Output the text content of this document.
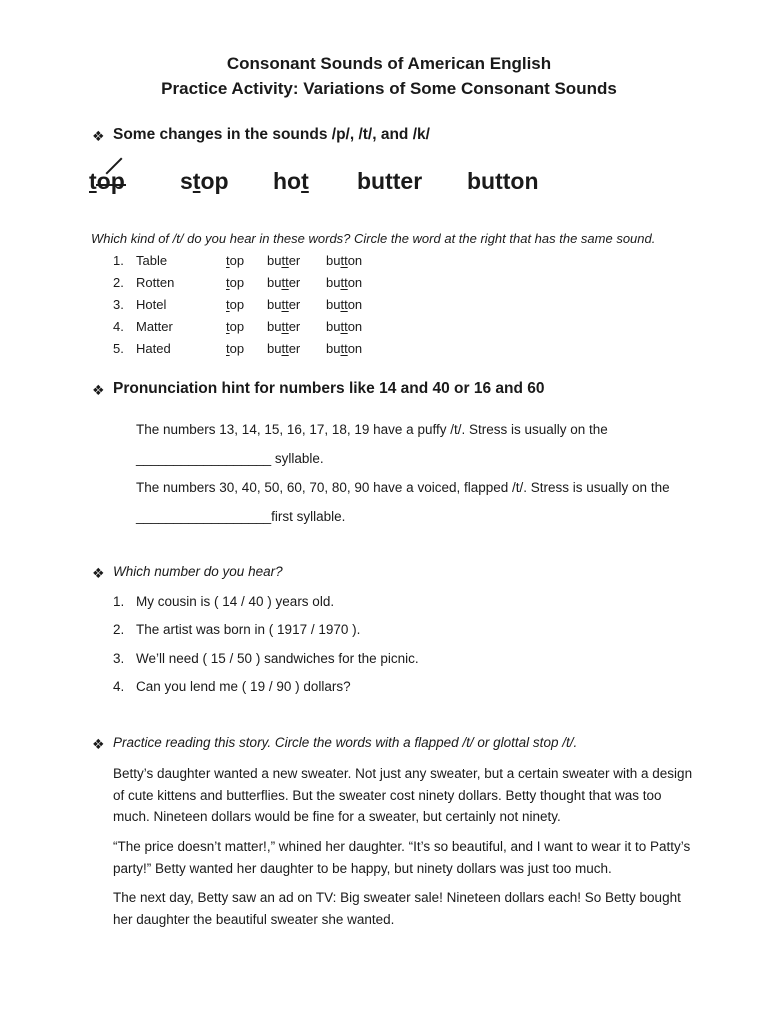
Consonant Sounds of American English
Practice Activity: Variations of Some Consonant Sounds
❖ Some changes in the sounds /p/, /t/, and /k/
top stop hot butter button
Which kind of /t/ do you hear in these words? Circle the word at the right that has the same sound.
1. Table	top butter button
2. Rotten	top butter button
3. Hotel	top butter button
4. Matter	top butter button
5. Hated	top butter button
❖ Pronunciation hint for numbers like 14 and 40 or 16 and 60
The numbers 13, 14, 15, 16, 17, 18, 19 have a puffy /t/. Stress is usually on the
__________________ syllable.
The numbers 30, 40, 50, 60, 70, 80, 90 have a voiced, flapped /t/. Stress is usually on the
__________________first syllable.
❖ Which number do you hear?
1. My cousin is ( 14 / 40 ) years old.
2. The artist was born in ( 1917 / 1970 ).
3. We’ll need ( 15 / 50 ) sandwiches for the picnic.
4. Can you lend me ( 19 / 90 ) dollars?
❖ Practice reading this story. Circle the words with a flapped /t/ or glottal stop /t/.
Betty’s daughter wanted a new sweater. Not just any sweater, but a certain sweater with a design of cute kittens and butterflies. But the sweater cost ninety dollars. Betty thought that was too much. Nineteen dollars would be fine for a sweater, but certainly not ninety.
“The price doesn’t matter!,” whined her daughter. “It’s so beautiful, and I want to wear it to Patty’s party!” Betty wanted her daughter to be happy, but ninety dollars was just too much.
The next day, Betty saw an ad on TV: Big sweater sale! Nineteen dollars each! So Betty bought her daughter the beautiful sweater she wanted.
